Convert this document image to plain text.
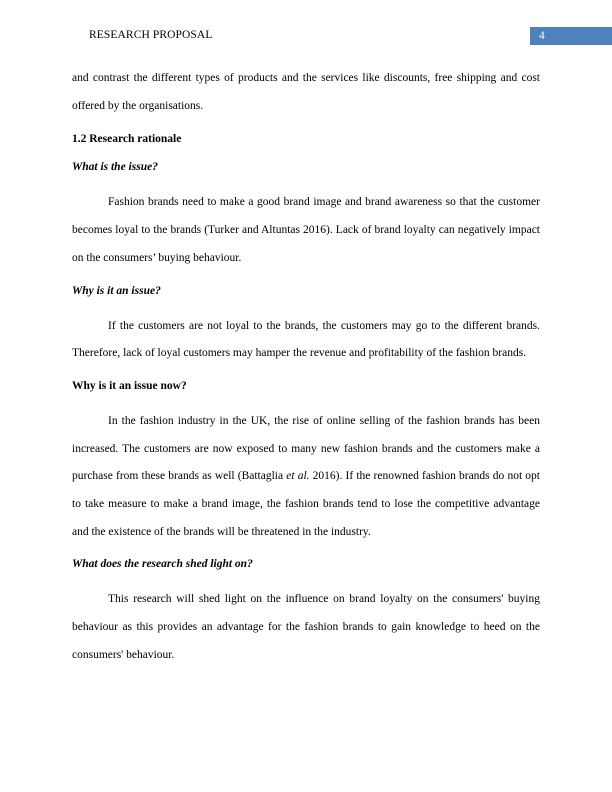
RESEARCH PROPOSAL	4

and contrast the different types of products and the services like discounts, free shipping and cost offered by the organisations.

1.2 Research rationale

What is the issue?

Fashion brands need to make a good brand image and brand awareness so that the customer becomes loyal to the brands (Turker and Altuntas 2016). Lack of brand loyalty can negatively impact on the consumers’ buying behaviour.

Why is it an issue?

If the customers are not loyal to the brands, the customers may go to the different brands. Therefore, lack of loyal customers may hamper the revenue and profitability of the fashion brands.

Why is it an issue now?

In the fashion industry in the UK, the rise of online selling of the fashion brands has been increased. The customers are now exposed to many new fashion brands and the customers make a purchase from these brands as well (Battaglia et al. 2016). If the renowned fashion brands do not opt to take measure to make a brand image, the fashion brands tend to lose the competitive advantage and the existence of the brands will be threatened in the industry.

What does the research shed light on?

This research will shed light on the influence on brand loyalty on the consumers' buying behaviour as this provides an advantage for the fashion brands to gain knowledge to heed on the consumers' behaviour.
